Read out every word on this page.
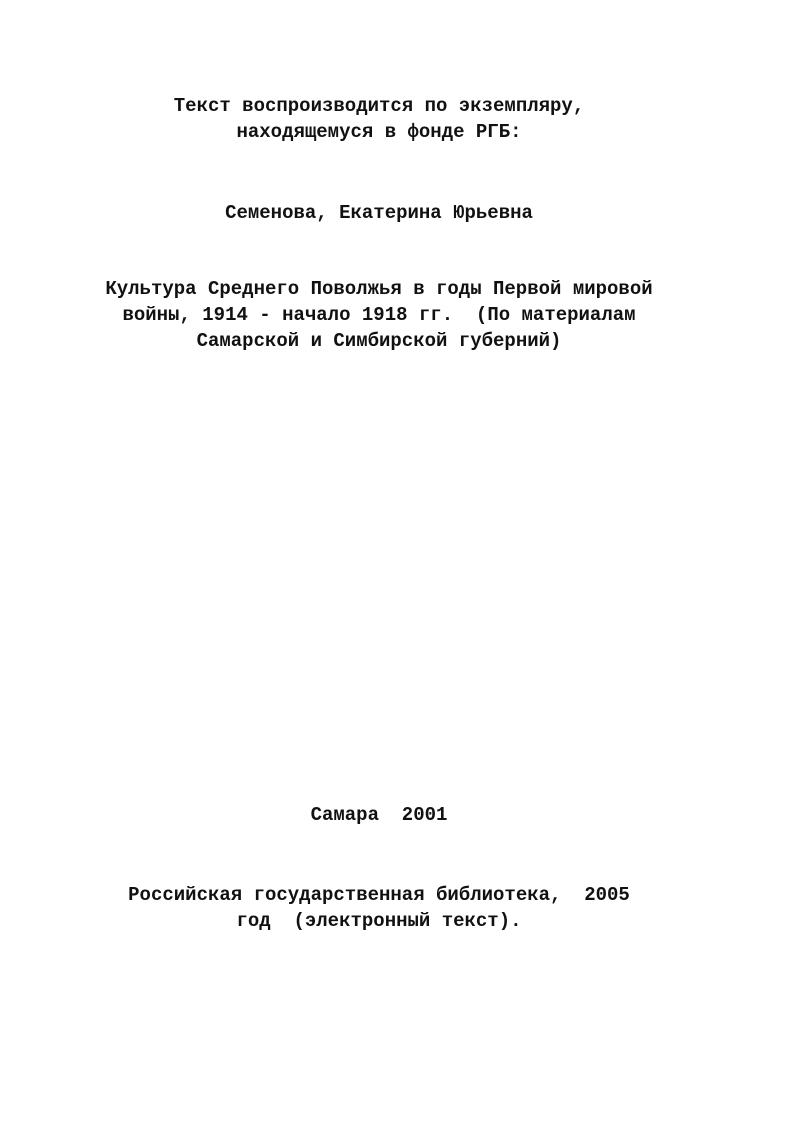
Текст воспроизводится по экземпляру,
находящемуся в фонде РГБ:
Семенова, Екатерина Юрьевна
Культура Среднего Поволжья в годы Первой мировой
войны, 1914 - начало 1918 гг.  (По материалам
Самарской и Симбирской губерний)
Самара  2001
Российская государственная библиотека,  2005
год  (электронный текст).
